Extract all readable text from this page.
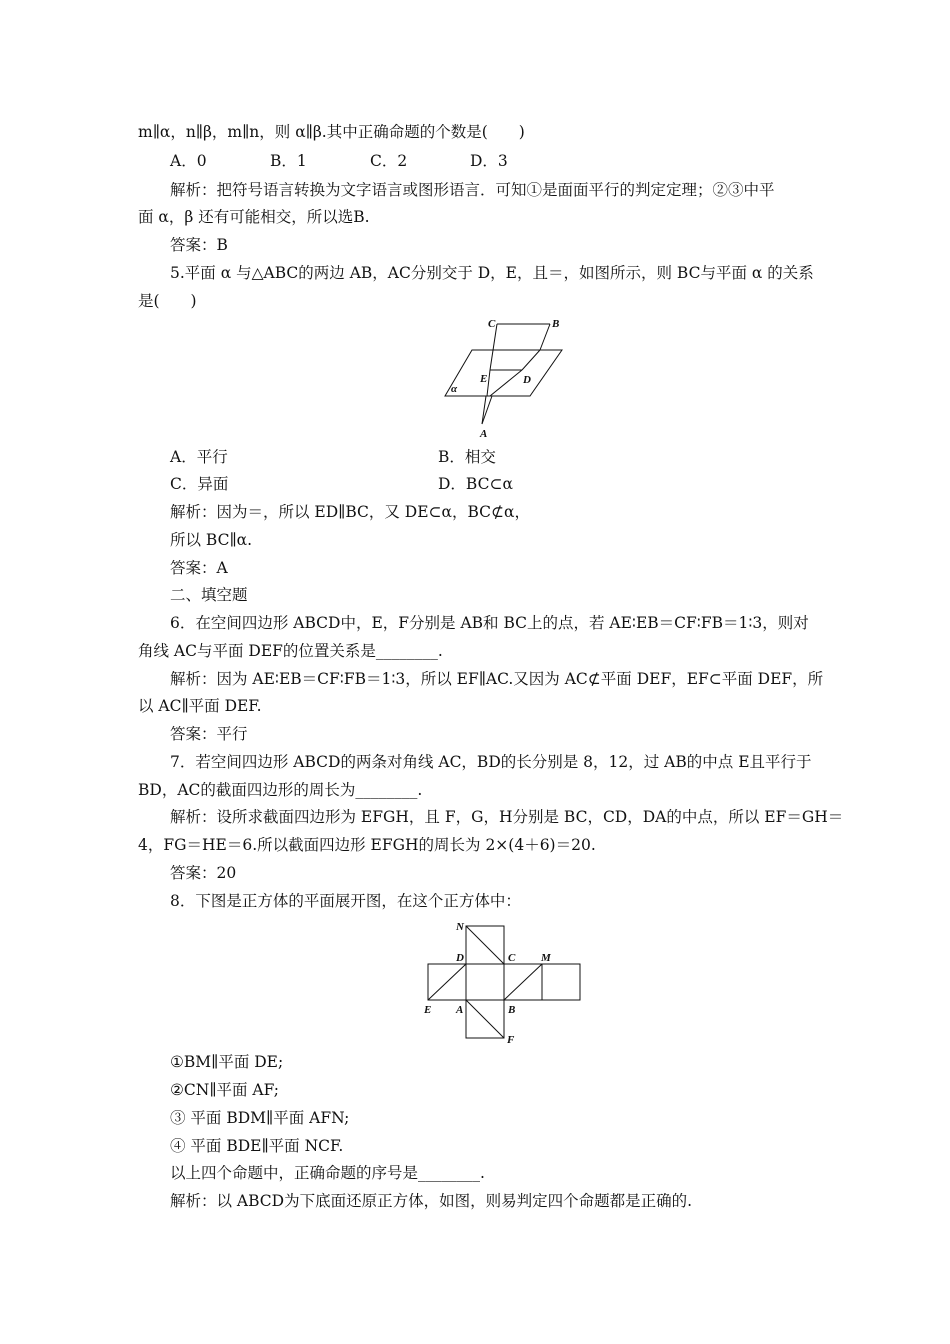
m∥α，n∥β，m∥n，则 α∥β.其中正确命题的个数是(　　)
A．0	B．1	C．2	D．3
解析：把符号语言转换为文字语言或图形语言．可知①是面面平行的判定定理；②③中平
面 α，β 还有可能相交，所以选B.
答案：B
5.平面 α 与△ABC的两边 AB，AC分别交于 D，E，且＝，如图所示，则 BC与平面 α 的关系
是(　　)
C	B
E	D
α
A
A．平行	B．相交
C．异面	D．BC⊂α
解析：因为＝，所以 ED∥BC，又 DE⊂α，BC⊄α，
所以 BC∥α.
答案：A
二、填空题
6．在空间四边形 ABCD中，E，F分别是 AB和 BC上的点，若 AE∶EB＝CF∶FB＝1∶3，则对
角线 AC与平面 DEF的位置关系是________.
解析：因为 AE∶EB＝CF∶FB＝1∶3，所以 EF∥AC.又因为 AC⊄平面 DEF，EF⊂平面 DEF，所
以 AC∥平面 DEF.
答案：平行
7．若空间四边形 ABCD的两条对角线 AC，BD的长分别是 8，12，过 AB的中点 E且平行于
BD，AC的截面四边形的周长为________.
解析：设所求截面四边形为 EFGH，且 F，G，H分别是 BC，CD，DA的中点，所以 EF＝GH＝
4，FG＝HE＝6.所以截面四边形 EFGH的周长为 2×(4＋6)＝20.
答案：20
8．下图是正方体的平面展开图，在这个正方体中：
N
D	C M
E A	B
F
①BM∥平面 DE;
②CN∥平面 AF;
③ 平面 BDM∥平面 AFN;
④ 平面 BDE∥平面 NCF.
以上四个命题中，正确命题的序号是________.
解析：以 ABCD为下底面还原正方体，如图，则易判定四个命题都是正确的.
